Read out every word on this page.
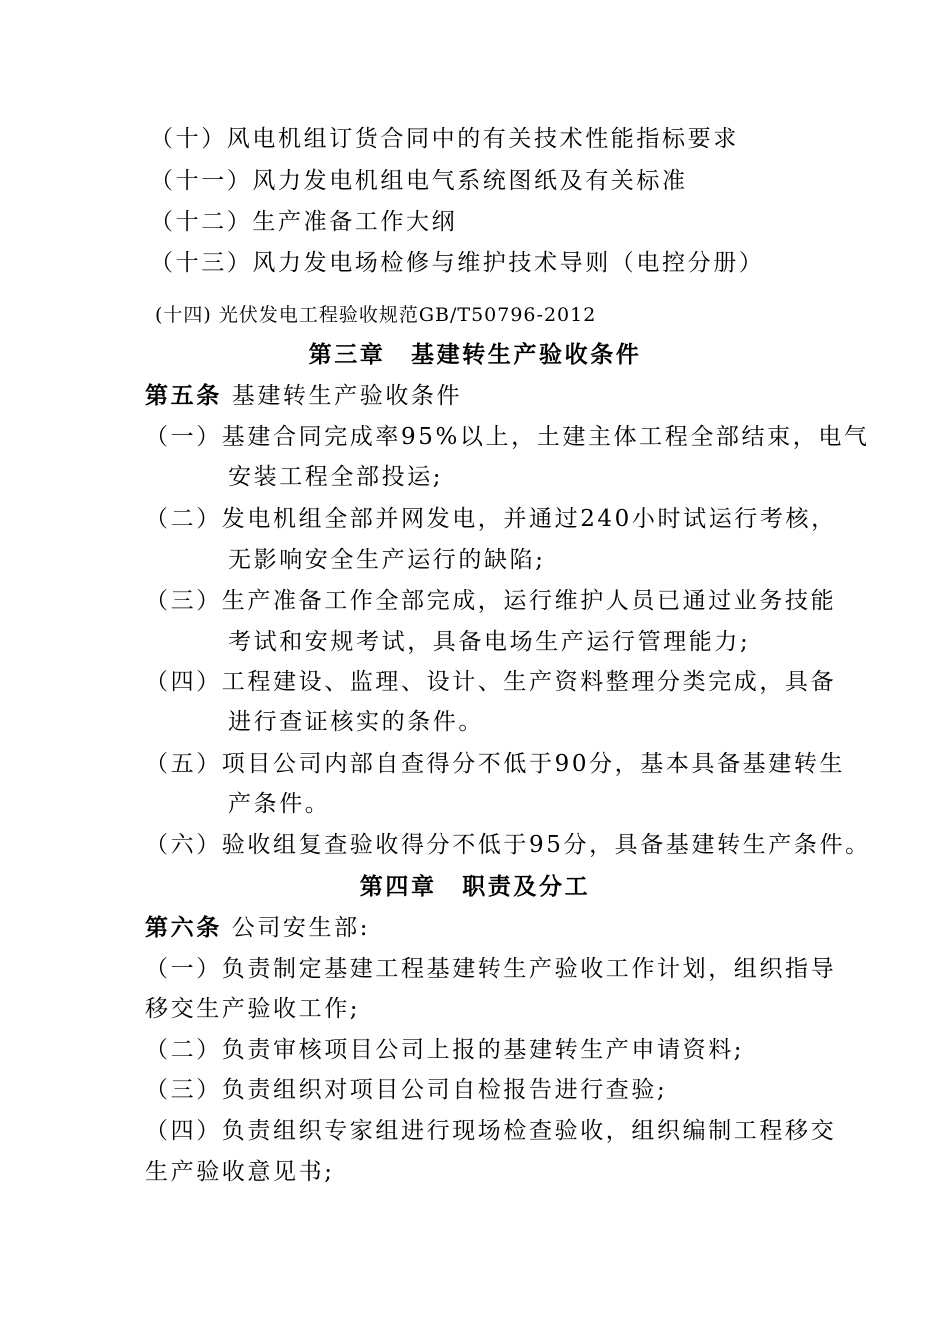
（十）风电机组订货合同中的有关技术性能指标要求
（十一）风力发电机组电气系统图纸及有关标准
（十二）生产准备工作大纲
（十三）风力发电场检修与维护技术导则（电控分册）
(十四) 光伏发电工程验收规范GB/T50796-2012
第三章　基建转生产验收条件
第五条 基建转生产验收条件
（一）基建合同完成率95%以上，土建主体工程全部结束，电气
安装工程全部投运;
（二）发电机组全部并网发电，并通过240小时试运行考核，
无影响安全生产运行的缺陷;
（三）生产准备工作全部完成，运行维护人员已通过业务技能
考试和安规考试，具备电场生产运行管理能力;
（四）工程建设、监理、设计、生产资料整理分类完成，具备
进行查证核实的条件。
（五）项目公司内部自查得分不低于90分，基本具备基建转生
产条件。
（六）验收组复查验收得分不低于95分，具备基建转生产条件。
第四章　职责及分工
第六条 公司安生部:
（一）负责制定基建工程基建转生产验收工作计划，组织指导
移交生产验收工作;
（二）负责审核项目公司上报的基建转生产申请资料;
（三）负责组织对项目公司自检报告进行查验;
（四）负责组织专家组进行现场检查验收，组织编制工程移交
生产验收意见书;
